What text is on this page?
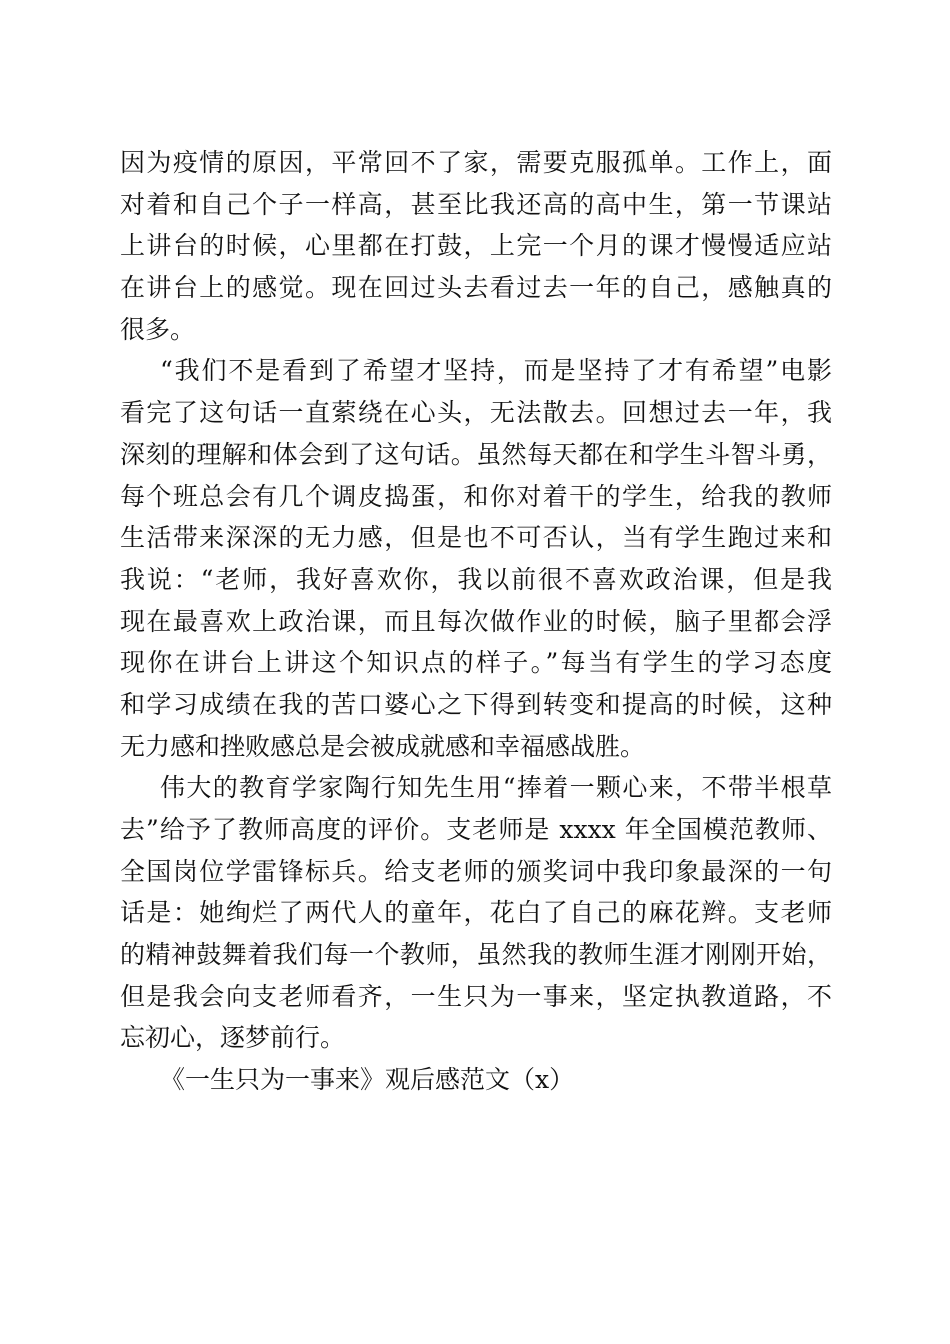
因为疫情的原因，平常回不了家，需要克服孤单。工作上，面
对着和自己个子一样高，甚至比我还高的高中生，第一节课站
上讲台的时候，心里都在打鼓，上完一个月的课才慢慢适应站
在讲台上的感觉。现在回过头去看过去一年的自己，感触真的
很多。
“我们不是看到了希望才坚持，而是坚持了才有希望”电影
看完了这句话一直萦绕在心头，无法散去。回想过去一年，我
深刻的理解和体会到了这句话。虽然每天都在和学生斗智斗勇，
每个班总会有几个调皮捣蛋，和你对着干的学生，给我的教师
生活带来深深的无力感，但是也不可否认，当有学生跑过来和
我说：“老师，我好喜欢你，我以前很不喜欢政治课，但是我
现在最喜欢上政治课，而且每次做作业的时候，脑子里都会浮
现你在讲台上讲这个知识点的样子。”每当有学生的学习态度
和学习成绩在我的苦口婆心之下得到转变和提高的时候，这种
无力感和挫败感总是会被成就感和幸福感战胜。
伟大的教育学家陶行知先生用“捧着一颗心来，不带半根草
去”给予了教师高度的评价。支老师是 xxxx 年全国模范教师、
全国岗位学雷锋标兵。给支老师的颁奖词中我印象最深的一句
话是：她绚烂了两代人的童年，花白了自己的麻花辫。支老师
的精神鼓舞着我们每一个教师，虽然我的教师生涯才刚刚开始，
但是我会向支老师看齐，一生只为一事来，坚定执教道路，不
忘初心，逐梦前行。
《一生只为一事来》观后感范文（x）
